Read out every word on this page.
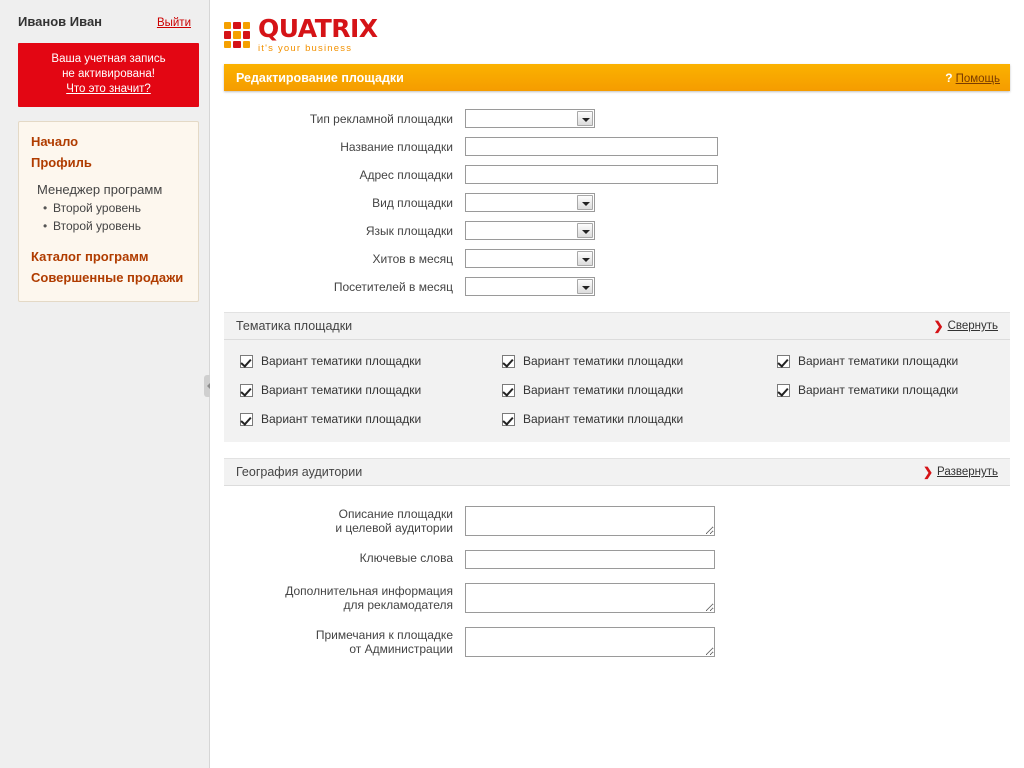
Иванов Иван	Выйти
Ваша учетная запись
не активирована!
Что это значит?
Начало
Профиль
Менеджер программ
• Второй уровень
• Второй уровень
Каталог программ
Совершенные продажи
QUATRIX
it's your business
Редактирование площадки	? Помощь
Тип рекламной площадки
Название площадки
Адрес площадки
Вид площадки
Язык площадки
Хитов в месяц
Посетителей в месяц
Тематика площадки	❯ Свернуть
Вариант тематики площадки	Вариант тематики площадки	Вариант тематики площадки
Вариант тематики площадки	Вариант тематики площадки	Вариант тематики площадки
Вариант тематики площадки	Вариант тематики площадки
География аудитории	❯ Развернуть
Описание площадки
и целевой аудитории
Ключевые слова
Дополнительная информация
для рекламодателя
Примечания к площадке
от Администрации
